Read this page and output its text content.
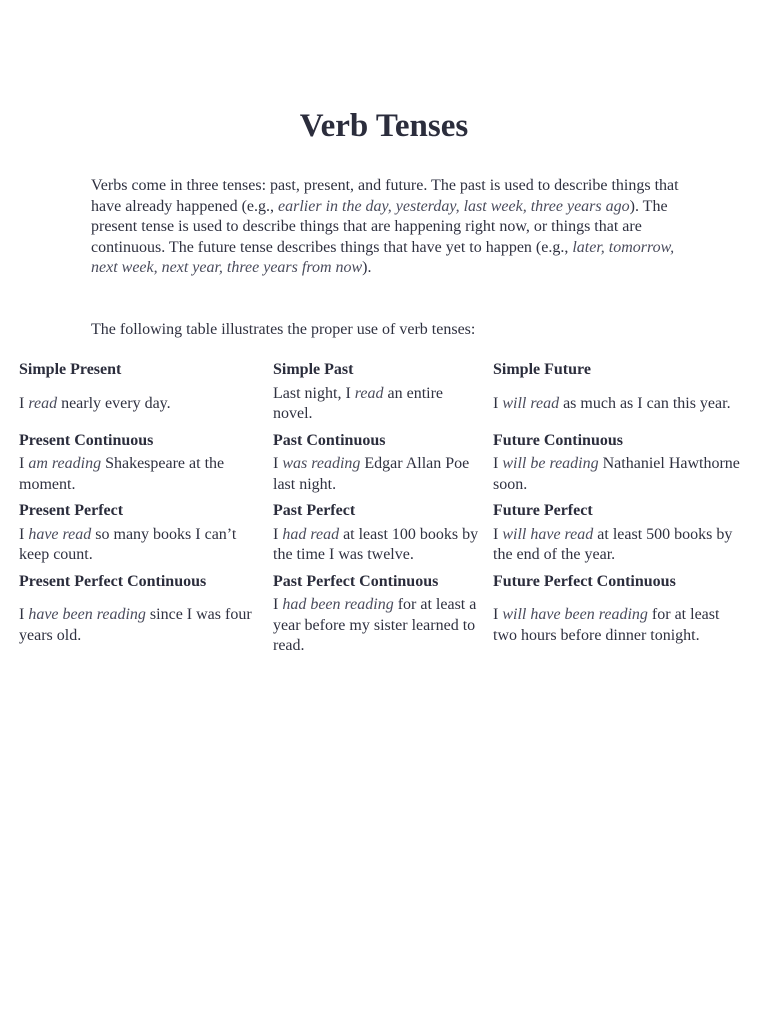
Verb Tenses

Verbs come in three tenses: past, present, and future. The past is used to describe things that have already happened (e.g., earlier in the day, yesterday, last week, three years ago). The present tense is used to describe things that are happening right now, or things that are continuous. The future tense describes things that have yet to happen (e.g., later, tomorrow, next week, next year, three years from now).

The following table illustrates the proper use of verb tenses:

Simple Present	Simple Past	Simple Future
I read nearly every day.	Last night, I read an entire novel.	I will read as much as I can this year.
Present Continuous	Past Continuous	Future Continuous
I am reading Shakespeare at the moment.	I was reading Edgar Allan Poe last night.	I will be reading Nathaniel Hawthorne soon.
Present Perfect	Past Perfect	Future Perfect
I have read so many books I can’t keep count.	I had read at least 100 books by the time I was twelve.	I will have read at least 500 books by the end of the year.
Present Perfect Continuous	Past Perfect Continuous	Future Perfect Continuous
I have been reading since I was four years old.	I had been reading for at least a year before my sister learned to read.	I will have been reading for at least two hours before dinner tonight.
